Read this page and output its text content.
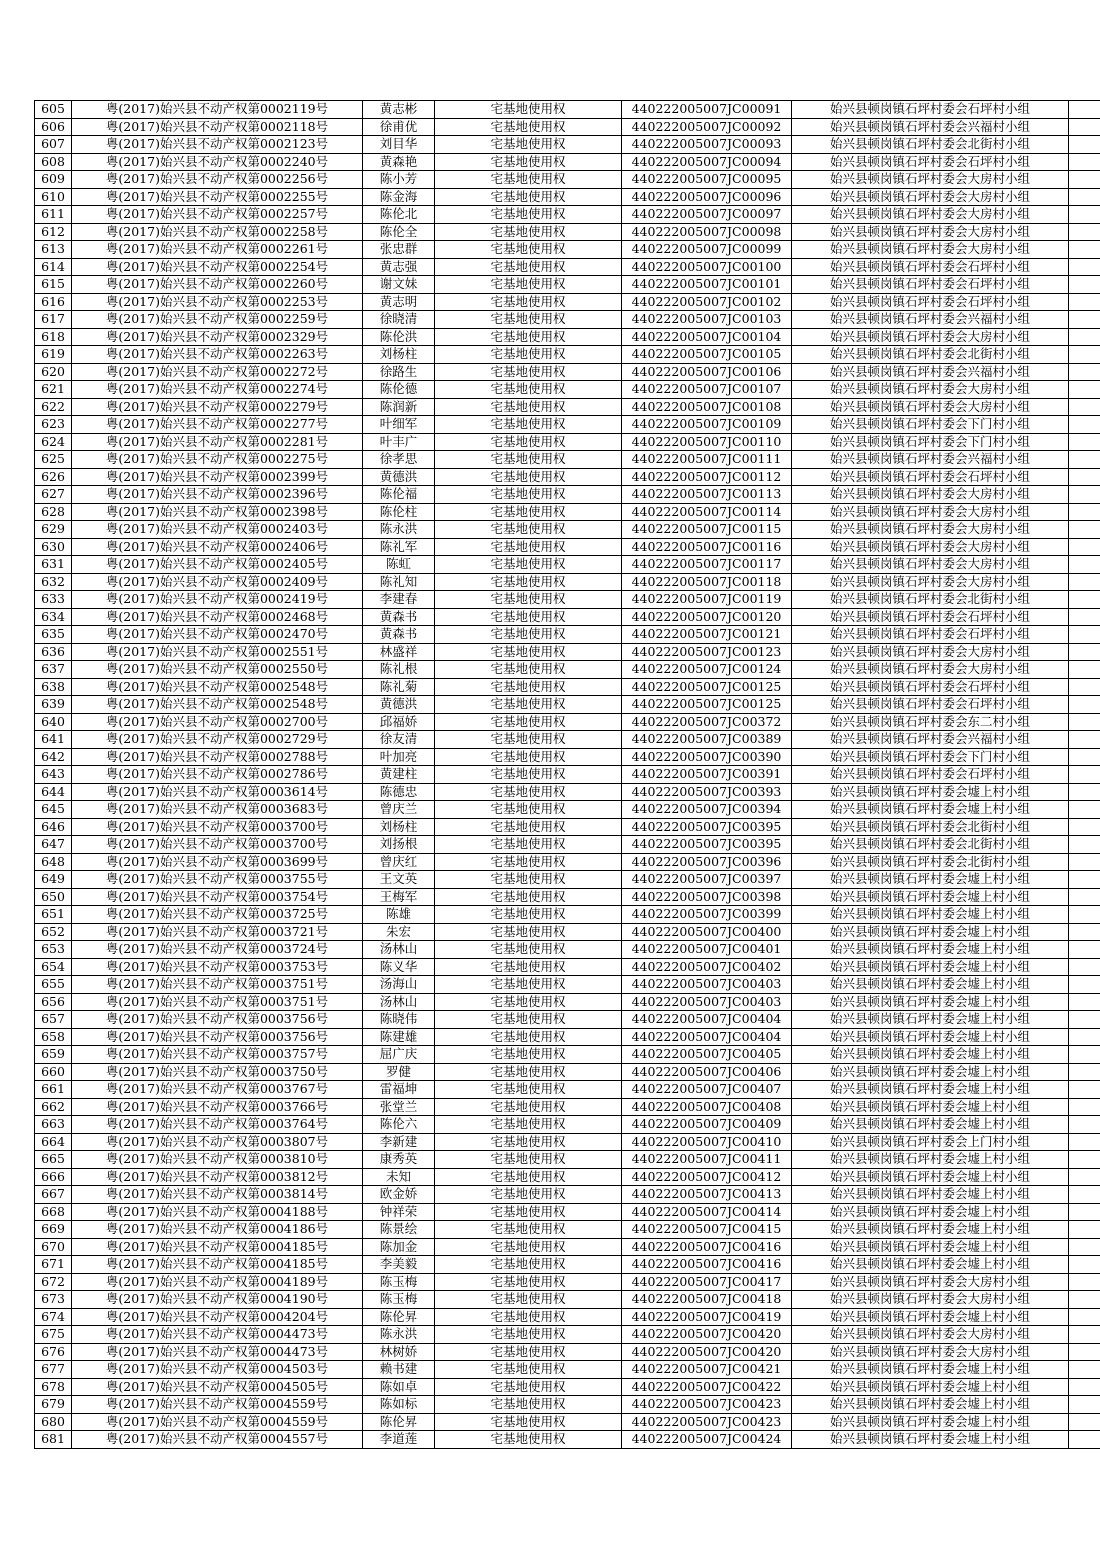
605	粤(2017)始兴县不动产权第0002119号	黄志彬	宅基地使用权	440222005007JC00091	始兴县顿岗镇石坪村委会石坪村小组	
606	粤(2017)始兴县不动产权第0002118号	徐甫优	宅基地使用权	440222005007JC00092	始兴县顿岗镇石坪村委会兴福村小组	
607	粤(2017)始兴县不动产权第0002123号	刘目华	宅基地使用权	440222005007JC00093	始兴县顿岗镇石坪村委会北街村小组	
608	粤(2017)始兴县不动产权第0002240号	黄森艳	宅基地使用权	440222005007JC00094	始兴县顿岗镇石坪村委会石坪村小组	
609	粤(2017)始兴县不动产权第0002256号	陈小芳	宅基地使用权	440222005007JC00095	始兴县顿岗镇石坪村委会大房村小组	
610	粤(2017)始兴县不动产权第0002255号	陈金海	宅基地使用权	440222005007JC00096	始兴县顿岗镇石坪村委会大房村小组	
611	粤(2017)始兴县不动产权第0002257号	陈伦北	宅基地使用权	440222005007JC00097	始兴县顿岗镇石坪村委会大房村小组	
612	粤(2017)始兴县不动产权第0002258号	陈伦全	宅基地使用权	440222005007JC00098	始兴县顿岗镇石坪村委会大房村小组	
613	粤(2017)始兴县不动产权第0002261号	张忠群	宅基地使用权	440222005007JC00099	始兴县顿岗镇石坪村委会大房村小组	
614	粤(2017)始兴县不动产权第0002254号	黄志强	宅基地使用权	440222005007JC00100	始兴县顿岗镇石坪村委会石坪村小组	
615	粤(2017)始兴县不动产权第0002260号	谢文妹	宅基地使用权	440222005007JC00101	始兴县顿岗镇石坪村委会石坪村小组	
616	粤(2017)始兴县不动产权第0002253号	黄志明	宅基地使用权	440222005007JC00102	始兴县顿岗镇石坪村委会石坪村小组	
617	粤(2017)始兴县不动产权第0002259号	徐晓清	宅基地使用权	440222005007JC00103	始兴县顿岗镇石坪村委会兴福村小组	
618	粤(2017)始兴县不动产权第0002329号	陈伦洪	宅基地使用权	440222005007JC00104	始兴县顿岗镇石坪村委会大房村小组	
619	粤(2017)始兴县不动产权第0002263号	刘杨柱	宅基地使用权	440222005007JC00105	始兴县顿岗镇石坪村委会北街村小组	
620	粤(2017)始兴县不动产权第0002272号	徐路生	宅基地使用权	440222005007JC00106	始兴县顿岗镇石坪村委会兴福村小组	
621	粤(2017)始兴县不动产权第0002274号	陈伦德	宅基地使用权	440222005007JC00107	始兴县顿岗镇石坪村委会大房村小组	
622	粤(2017)始兴县不动产权第0002279号	陈润新	宅基地使用权	440222005007JC00108	始兴县顿岗镇石坪村委会大房村小组	
623	粤(2017)始兴县不动产权第0002277号	叶细军	宅基地使用权	440222005007JC00109	始兴县顿岗镇石坪村委会下门村小组	
624	粤(2017)始兴县不动产权第0002281号	叶丰广	宅基地使用权	440222005007JC00110	始兴县顿岗镇石坪村委会下门村小组	
625	粤(2017)始兴县不动产权第0002275号	徐孝思	宅基地使用权	440222005007JC00111	始兴县顿岗镇石坪村委会兴福村小组	
626	粤(2017)始兴县不动产权第0002399号	黄德洪	宅基地使用权	440222005007JC00112	始兴县顿岗镇石坪村委会石坪村小组	
627	粤(2017)始兴县不动产权第0002396号	陈伦福	宅基地使用权	440222005007JC00113	始兴县顿岗镇石坪村委会大房村小组	
628	粤(2017)始兴县不动产权第0002398号	陈伦柱	宅基地使用权	440222005007JC00114	始兴县顿岗镇石坪村委会大房村小组	
629	粤(2017)始兴县不动产权第0002403号	陈永洪	宅基地使用权	440222005007JC00115	始兴县顿岗镇石坪村委会大房村小组	
630	粤(2017)始兴县不动产权第0002406号	陈礼军	宅基地使用权	440222005007JC00116	始兴县顿岗镇石坪村委会大房村小组	
631	粤(2017)始兴县不动产权第0002405号	陈虹	宅基地使用权	440222005007JC00117	始兴县顿岗镇石坪村委会大房村小组	
632	粤(2017)始兴县不动产权第0002409号	陈礼知	宅基地使用权	440222005007JC00118	始兴县顿岗镇石坪村委会大房村小组	
633	粤(2017)始兴县不动产权第0002419号	李建春	宅基地使用权	440222005007JC00119	始兴县顿岗镇石坪村委会北街村小组	
634	粤(2017)始兴县不动产权第0002468号	黄森书	宅基地使用权	440222005007JC00120	始兴县顿岗镇石坪村委会石坪村小组	
635	粤(2017)始兴县不动产权第0002470号	黄森书	宅基地使用权	440222005007JC00121	始兴县顿岗镇石坪村委会石坪村小组	
636	粤(2017)始兴县不动产权第0002551号	林盛祥	宅基地使用权	440222005007JC00123	始兴县顿岗镇石坪村委会大房村小组	
637	粤(2017)始兴县不动产权第0002550号	陈礼根	宅基地使用权	440222005007JC00124	始兴县顿岗镇石坪村委会大房村小组	
638	粤(2017)始兴县不动产权第0002548号	陈礼菊	宅基地使用权	440222005007JC00125	始兴县顿岗镇石坪村委会石坪村小组	
639	粤(2017)始兴县不动产权第0002548号	黄德洪	宅基地使用权	440222005007JC00125	始兴县顿岗镇石坪村委会石坪村小组	
640	粤(2017)始兴县不动产权第0002700号	邱福娇	宅基地使用权	440222005007JC00372	始兴县顿岗镇石坪村委会东二村小组	
641	粤(2017)始兴县不动产权第0002729号	徐友清	宅基地使用权	440222005007JC00389	始兴县顿岗镇石坪村委会兴福村小组	
642	粤(2017)始兴县不动产权第0002788号	叶加亮	宅基地使用权	440222005007JC00390	始兴县顿岗镇石坪村委会下门村小组	
643	粤(2017)始兴县不动产权第0002786号	黄建柱	宅基地使用权	440222005007JC00391	始兴县顿岗镇石坪村委会石坪村小组	
644	粤(2017)始兴县不动产权第0003614号	陈德忠	宅基地使用权	440222005007JC00393	始兴县顿岗镇石坪村委会墟上村小组	
645	粤(2017)始兴县不动产权第0003683号	曾庆兰	宅基地使用权	440222005007JC00394	始兴县顿岗镇石坪村委会墟上村小组	
646	粤(2017)始兴县不动产权第0003700号	刘杨柱	宅基地使用权	440222005007JC00395	始兴县顿岗镇石坪村委会北街村小组	
647	粤(2017)始兴县不动产权第0003700号	刘扬根	宅基地使用权	440222005007JC00395	始兴县顿岗镇石坪村委会北街村小组	
648	粤(2017)始兴县不动产权第0003699号	曾庆红	宅基地使用权	440222005007JC00396	始兴县顿岗镇石坪村委会北街村小组	
649	粤(2017)始兴县不动产权第0003755号	王文英	宅基地使用权	440222005007JC00397	始兴县顿岗镇石坪村委会墟上村小组	
650	粤(2017)始兴县不动产权第0003754号	王梅军	宅基地使用权	440222005007JC00398	始兴县顿岗镇石坪村委会墟上村小组	
651	粤(2017)始兴县不动产权第0003725号	陈雄	宅基地使用权	440222005007JC00399	始兴县顿岗镇石坪村委会墟上村小组	
652	粤(2017)始兴县不动产权第0003721号	朱宏	宅基地使用权	440222005007JC00400	始兴县顿岗镇石坪村委会墟上村小组	
653	粤(2017)始兴县不动产权第0003724号	汤林山	宅基地使用权	440222005007JC00401	始兴县顿岗镇石坪村委会墟上村小组	
654	粤(2017)始兴县不动产权第0003753号	陈义华	宅基地使用权	440222005007JC00402	始兴县顿岗镇石坪村委会墟上村小组	
655	粤(2017)始兴县不动产权第0003751号	汤海山	宅基地使用权	440222005007JC00403	始兴县顿岗镇石坪村委会墟上村小组	
656	粤(2017)始兴县不动产权第0003751号	汤林山	宅基地使用权	440222005007JC00403	始兴县顿岗镇石坪村委会墟上村小组	
657	粤(2017)始兴县不动产权第0003756号	陈晓伟	宅基地使用权	440222005007JC00404	始兴县顿岗镇石坪村委会墟上村小组	
658	粤(2017)始兴县不动产权第0003756号	陈建雄	宅基地使用权	440222005007JC00404	始兴县顿岗镇石坪村委会墟上村小组	
659	粤(2017)始兴县不动产权第0003757号	屈广庆	宅基地使用权	440222005007JC00405	始兴县顿岗镇石坪村委会墟上村小组	
660	粤(2017)始兴县不动产权第0003750号	罗健	宅基地使用权	440222005007JC00406	始兴县顿岗镇石坪村委会墟上村小组	
661	粤(2017)始兴县不动产权第0003767号	雷福坤	宅基地使用权	440222005007JC00407	始兴县顿岗镇石坪村委会墟上村小组	
662	粤(2017)始兴县不动产权第0003766号	张堂兰	宅基地使用权	440222005007JC00408	始兴县顿岗镇石坪村委会墟上村小组	
663	粤(2017)始兴县不动产权第0003764号	陈伦六	宅基地使用权	440222005007JC00409	始兴县顿岗镇石坪村委会墟上村小组	
664	粤(2017)始兴县不动产权第0003807号	李新建	宅基地使用权	440222005007JC00410	始兴县顿岗镇石坪村委会上门村小组	
665	粤(2017)始兴县不动产权第0003810号	康秀英	宅基地使用权	440222005007JC00411	始兴县顿岗镇石坪村委会墟上村小组	
666	粤(2017)始兴县不动产权第0003812号	未知	宅基地使用权	440222005007JC00412	始兴县顿岗镇石坪村委会墟上村小组	
667	粤(2017)始兴县不动产权第0003814号	欧金娇	宅基地使用权	440222005007JC00413	始兴县顿岗镇石坪村委会墟上村小组	
668	粤(2017)始兴县不动产权第0004188号	钟祥荣	宅基地使用权	440222005007JC00414	始兴县顿岗镇石坪村委会墟上村小组	
669	粤(2017)始兴县不动产权第0004186号	陈景绘	宅基地使用权	440222005007JC00415	始兴县顿岗镇石坪村委会墟上村小组	
670	粤(2017)始兴县不动产权第0004185号	陈加金	宅基地使用权	440222005007JC00416	始兴县顿岗镇石坪村委会墟上村小组	
671	粤(2017)始兴县不动产权第0004185号	李美毅	宅基地使用权	440222005007JC00416	始兴县顿岗镇石坪村委会墟上村小组	
672	粤(2017)始兴县不动产权第0004189号	陈玉梅	宅基地使用权	440222005007JC00417	始兴县顿岗镇石坪村委会大房村小组	
673	粤(2017)始兴县不动产权第0004190号	陈玉梅	宅基地使用权	440222005007JC00418	始兴县顿岗镇石坪村委会大房村小组	
674	粤(2017)始兴县不动产权第0004204号	陈伦昇	宅基地使用权	440222005007JC00419	始兴县顿岗镇石坪村委会墟上村小组	
675	粤(2017)始兴县不动产权第0004473号	陈永洪	宅基地使用权	440222005007JC00420	始兴县顿岗镇石坪村委会大房村小组	
676	粤(2017)始兴县不动产权第0004473号	林树娇	宅基地使用权	440222005007JC00420	始兴县顿岗镇石坪村委会大房村小组	
677	粤(2017)始兴县不动产权第0004503号	赖书建	宅基地使用权	440222005007JC00421	始兴县顿岗镇石坪村委会墟上村小组	
678	粤(2017)始兴县不动产权第0004505号	陈如卓	宅基地使用权	440222005007JC00422	始兴县顿岗镇石坪村委会墟上村小组	
679	粤(2017)始兴县不动产权第0004559号	陈如标	宅基地使用权	440222005007JC00423	始兴县顿岗镇石坪村委会墟上村小组	
680	粤(2017)始兴县不动产权第0004559号	陈伦昇	宅基地使用权	440222005007JC00423	始兴县顿岗镇石坪村委会墟上村小组	
681	粤(2017)始兴县不动产权第0004557号	李道莲	宅基地使用权	440222005007JC00424	始兴县顿岗镇石坪村委会墟上村小组	
